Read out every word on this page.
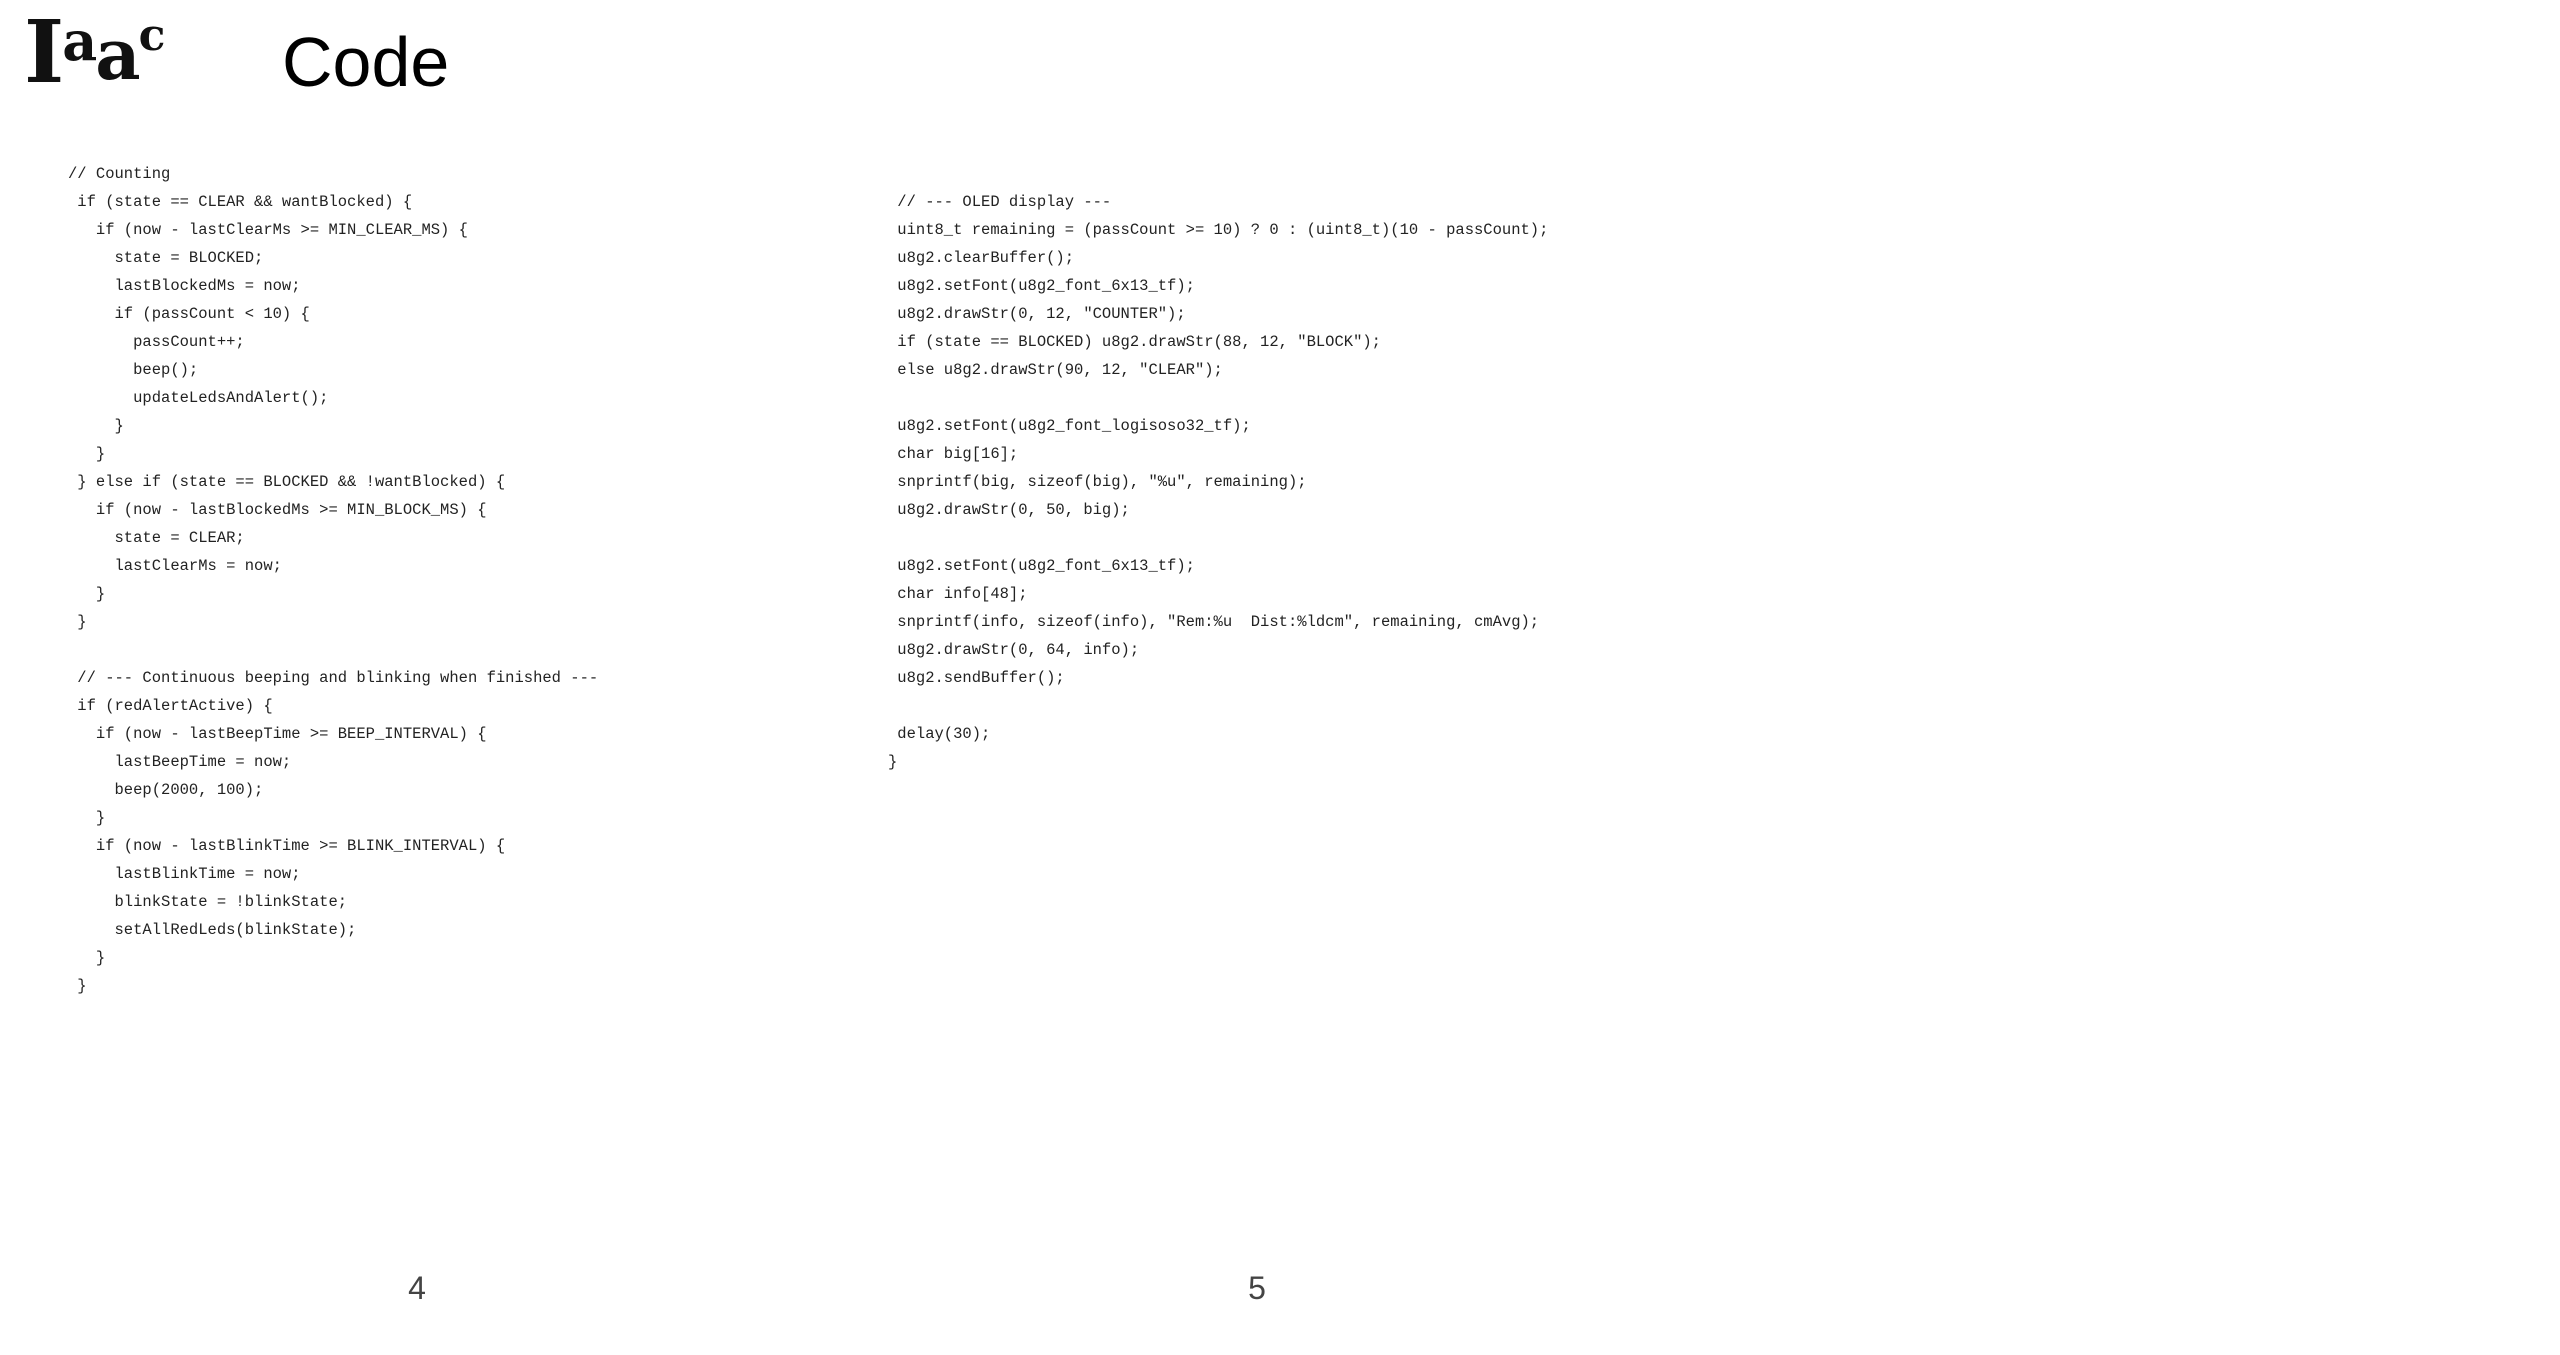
I a a c Code
// Counting
if (state == CLEAR && wantBlocked) {
if (now - lastClearMs >= MIN_CLEAR_MS) {
state = BLOCKED;
lastBlockedMs = now;
if (passCount < 10) {
passCount++;
beep();
updateLedsAndAlert();
}
}
} else if (state == BLOCKED && !wantBlocked) {
if (now - lastBlockedMs >= MIN_BLOCK_MS) {
state = CLEAR;
lastClearMs = now;
}
}
// --- Continuous beeping and blinking when finished ---
if (redAlertActive) {
if (now - lastBeepTime >= BEEP_INTERVAL) {
lastBeepTime = now;
beep(2000, 100);
}
if (now - lastBlinkTime >= BLINK_INTERVAL) {
lastBlinkTime = now;
blinkState = !blinkState;
setAllRedLeds(blinkState);
}
}
// --- OLED display ---
uint8_t remaining = (passCount >= 10) ? 0 : (uint8_t)(10 - passCount);
u8g2.clearBuffer();
u8g2.setFont(u8g2_font_6x13_tf);
u8g2.drawStr(0, 12, "COUNTER");
if (state == BLOCKED) u8g2.drawStr(88, 12, "BLOCK");
else u8g2.drawStr(90, 12, "CLEAR");
u8g2.setFont(u8g2_font_logisoso32_tf);
char big[16];
snprintf(big, sizeof(big), "%u", remaining);
u8g2.drawStr(0, 50, big);
u8g2.setFont(u8g2_font_6x13_tf);
char info[48];
snprintf(info, sizeof(info), "Rem:%u  Dist:%ldcm", remaining, cmAvg);
u8g2.drawStr(0, 64, info);
u8g2.sendBuffer();
delay(30);
}
4	5
